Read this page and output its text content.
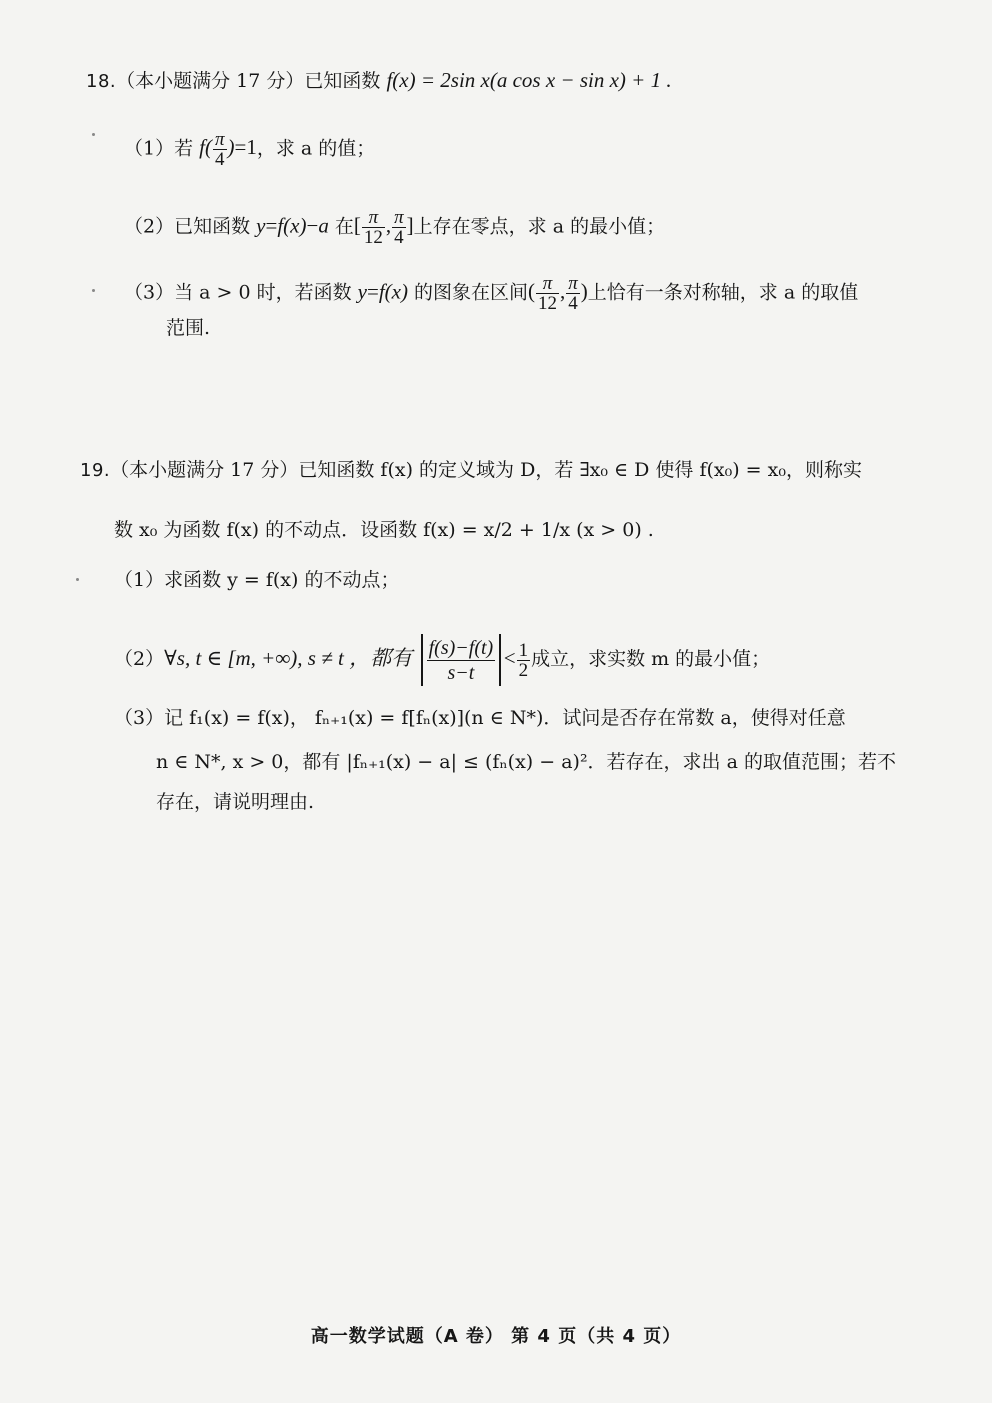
18.（本小题满分 17 分）已知函数 f(x) = 2sin x(a cos x − sin x) + 1 .
（1）若 $f( \frac{\pi}{4} )=1$，求 a 的值；
（2）已知函数 y=f(x)−a 在[ $\frac{\pi}{12}$ , $\frac{\pi}{4}$ ]上存在零点，求 a 的最小值；
（3）当 a > 0 时，若函数 y=f(x) 的图象在区间( $\frac{\pi}{12}$ , $\frac{\pi}{4}$ )上恰有一条对称轴，求 a 的取值
范围.
19.（本小题满分 17 分）已知函数 f(x) 的定义域为 D，若 ∃x₀ ∈ D 使得 f(x₀) = x₀，则称实
数 x₀ 为函数 f(x) 的不动点．设函数 f(x) = x/2 + 1/x (x > 0) .
（1）求函数 y = f(x) 的不动点；
（2）∀s, t ∈ [m, +∞), s ≠ t ，都有 $\frac{f(s)-f(t)}{s-t} < \frac{1}{2}$ 成立，求实数 m 的最小值；
（3）记 f₁(x) = f(x)， fₙ₊₁(x) = f[fₙ(x)](n ∈ N*)．试问是否存在常数 a，使得对任意
n ∈ N*, x > 0，都有 |fₙ₊₁(x) − a| ≤ (fₙ(x) − a)²．若存在，求出 a 的取值范围；若不
存在，请说明理由.
高一数学试题（A 卷） 第 4 页（共 4 页）
